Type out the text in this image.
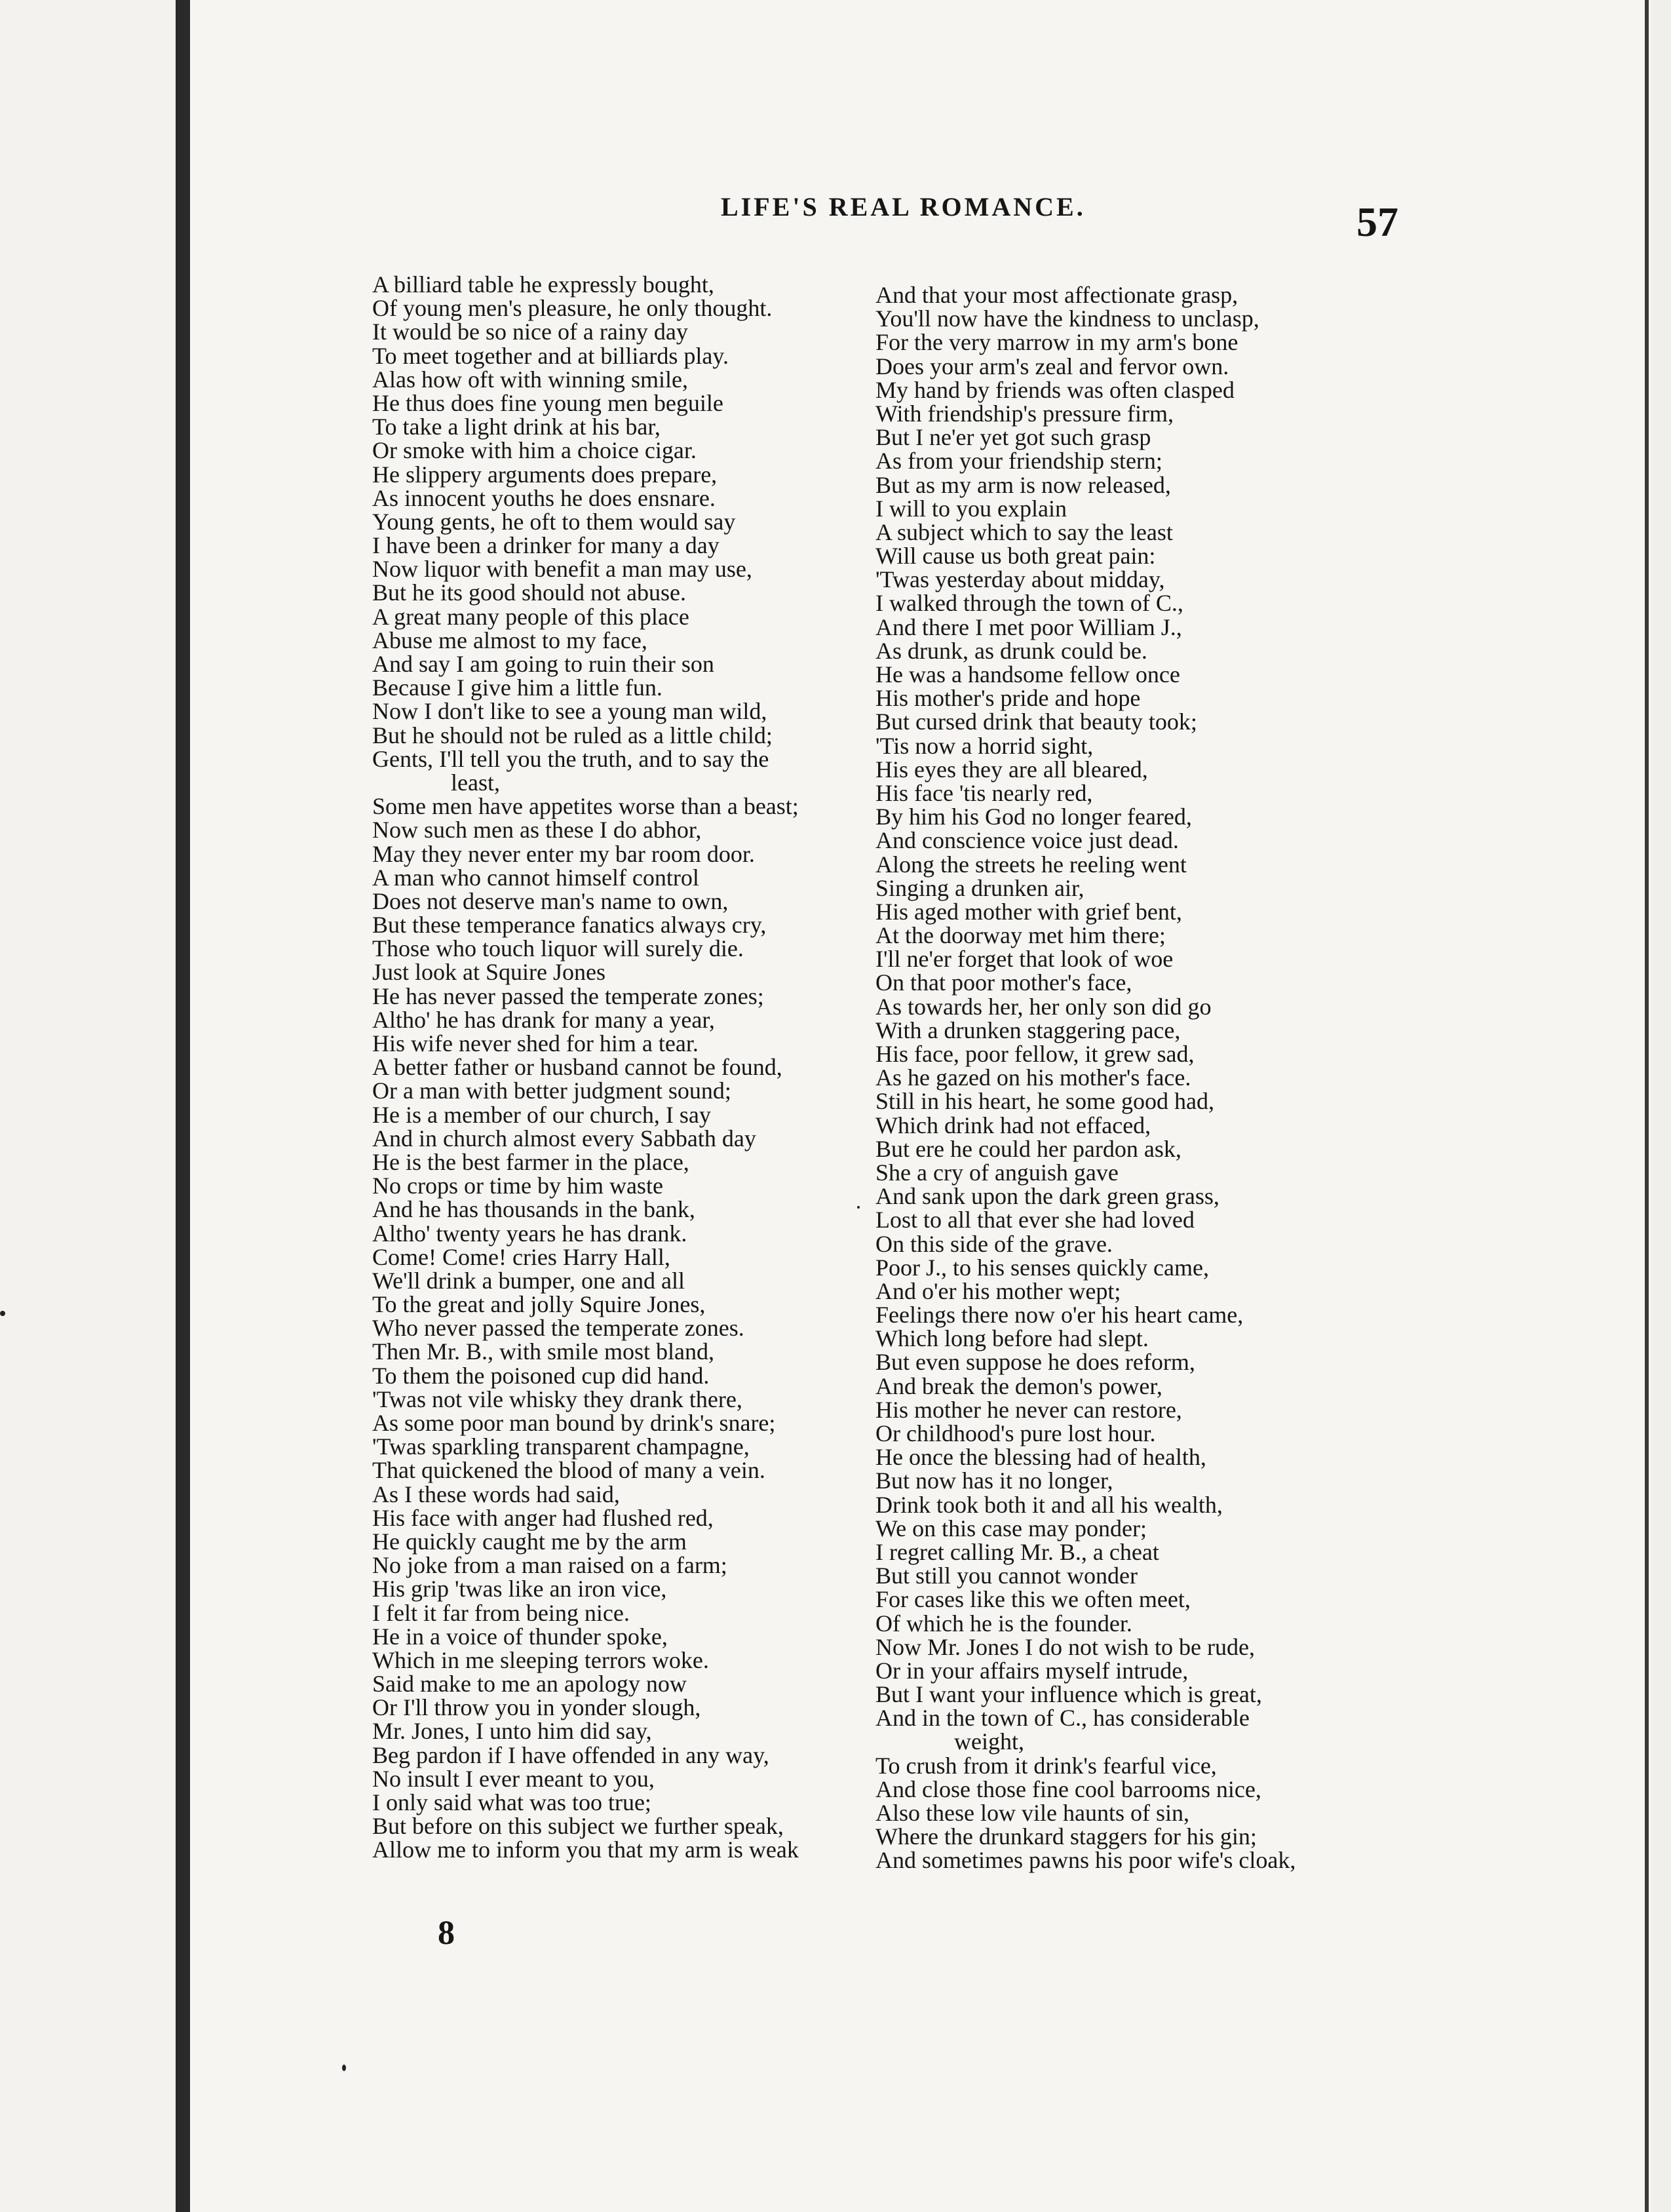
LIFE'S REAL ROMANCE.	57
A billiard table he expressly bought,
Of young men's pleasure, he only thought.
It would be so nice of a rainy day
To meet together and at billiards play.
Alas how oft with winning smile,
He thus does fine young men beguile
To take a light drink at his bar,
Or smoke with him a choice cigar.
He slippery arguments does prepare,
As innocent youths he does ensnare.
Young gents, he oft to them would say
I have been a drinker for many a day
Now liquor with benefit a man may use,
But he its good should not abuse.
A great many people of this place
Abuse me almost to my face,
And say I am going to ruin their son
Because I give him a little fun.
Now I don't like to see a young man wild,
But he should not be ruled as a little child;
Gents, I'll tell you the truth, and to say the
least,
Some men have appetites worse than a beast;
Now such men as these I do abhor,
May they never enter my bar room door.
A man who cannot himself control
Does not deserve man's name to own,
But these temperance fanatics always cry,
Those who touch liquor will surely die.
Just look at Squire Jones
He has never passed the temperate zones;
Altho' he has drank for many a year,
His wife never shed for him a tear.
A better father or husband cannot be found,
Or a man with better judgment sound;
He is a member of our church, I say
And in church almost every Sabbath day
He is the best farmer in the place,
No crops or time by him waste
And he has thousands in the bank,
Altho' twenty years he has drank.
Come! Come! cries Harry Hall,
We'll drink a bumper, one and all
To the great and jolly Squire Jones,
Who never passed the temperate zones.
Then Mr. B., with smile most bland,
To them the poisoned cup did hand.
'Twas not vile whisky they drank there,
As some poor man bound by drink's snare;
'Twas sparkling transparent champagne,
That quickened the blood of many a vein.
As I these words had said,
His face with anger had flushed red,
He quickly caught me by the arm
No joke from a man raised on a farm;
His grip 'twas like an iron vice,
I felt it far from being nice.
He in a voice of thunder spoke,
Which in me sleeping terrors woke.
Said make to me an apology now
Or I'll throw you in yonder slough,
Mr. Jones, I unto him did say,
Beg pardon if I have offended in any way,
No insult I ever meant to you,
I only said what was too true;
But before on this subject we further speak,
Allow me to inform you that my arm is weak
And that your most affectionate grasp,
You'll now have the kindness to unclasp,
For the very marrow in my arm's bone
Does your arm's zeal and fervor own.
My hand by friends was often clasped
With friendship's pressure firm,
But I ne'er yet got such grasp
As from your friendship stern;
But as my arm is now released,
I will to you explain
A subject which to say the least
Will cause us both great pain:
'Twas yesterday about midday,
I walked through the town of C.,
And there I met poor William J.,
As drunk, as drunk could be.
He was a handsome fellow once
His mother's pride and hope
But cursed drink that beauty took;
'Tis now a horrid sight,
His eyes they are all bleared,
His face 'tis nearly red,
By him his God no longer feared,
And conscience voice just dead.
Along the streets he reeling went
Singing a drunken air,
His aged mother with grief bent,
At the doorway met him there;
I'll ne'er forget that look of woe
On that poor mother's face,
As towards her, her only son did go
With a drunken staggering pace,
His face, poor fellow, it grew sad,
As he gazed on his mother's face.
Still in his heart, he some good had,
Which drink had not effaced,
But ere he could her pardon ask,
She a cry of anguish gave
And sank upon the dark green grass,
Lost to all that ever she had loved
On this side of the grave.
Poor J., to his senses quickly came,
And o'er his mother wept;
Feelings there now o'er his heart came,
Which long before had slept.
But even suppose he does reform,
And break the demon's power,
His mother he never can restore,
Or childhood's pure lost hour.
He once the blessing had of health,
But now has it no longer,
Drink took both it and all his wealth,
We on this case may ponder;
I regret calling Mr. B., a cheat
But still you cannot wonder
For cases like this we often meet,
Of which he is the founder.
Now Mr. Jones I do not wish to be rude,
Or in your affairs myself intrude,
But I want your influence which is great,
And in the town of C., has considerable
weight,
To crush from it drink's fearful vice,
And close those fine cool barrooms nice,
Also these low vile haunts of sin,
Where the drunkard staggers for his gin;
And sometimes pawns his poor wife's cloak,
8
